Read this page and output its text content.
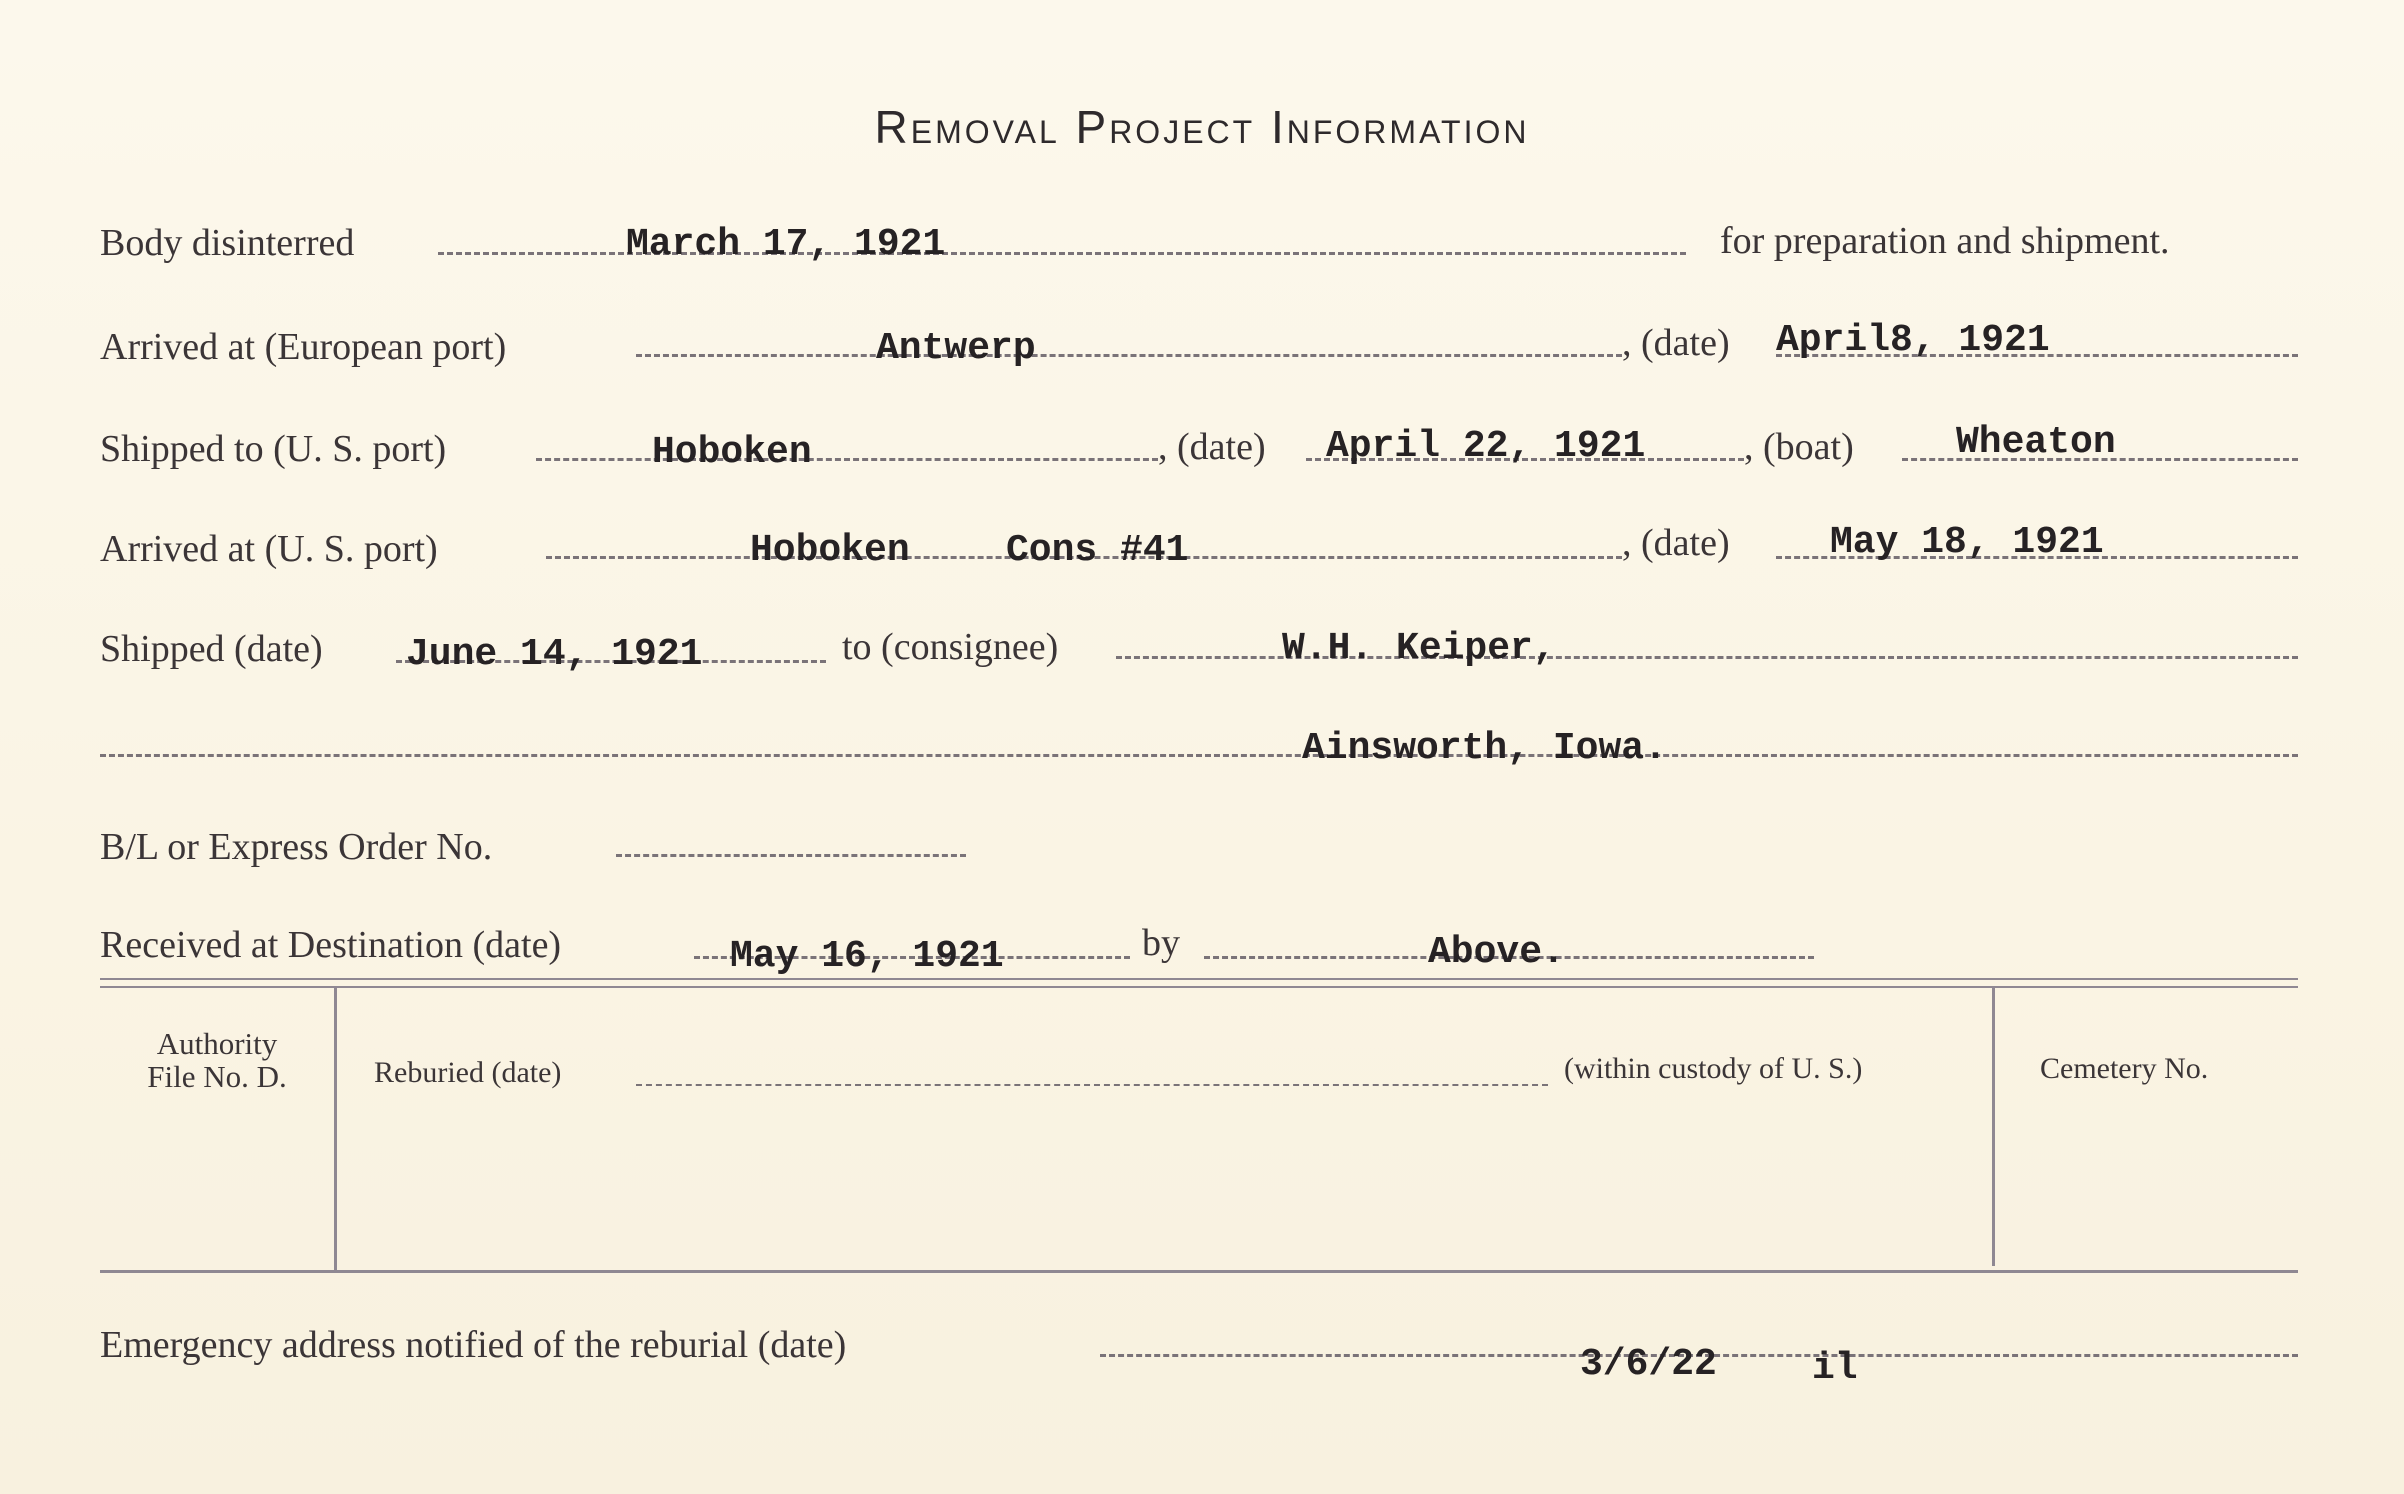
Removal Project Information
Body disinterred	March 17, 1921	for preparation and shipment.
Arrived at (European port)	Antwerp	, (date) April8, 1921
Shipped to (U. S. port)	Hoboken	, (date) April 22, 1921	, (boat)	Wheaton
Arrived at (U. S. port)	Hoboken	Cons #41	, (date)	May 18, 1921
Shipped (date) June 14, 1921	to (consignee)	W.H. Keiper,
Ainsworth, Iowa.
B/L or Express Order No.
Received at Destination (date)	May 16, 1921	by	Above.
Authority
File No. D.	Reburied (date)	(within custody of U. S.)	Cemetery No.
Emergency address notified of the reburial (date)	3/6/22	il
